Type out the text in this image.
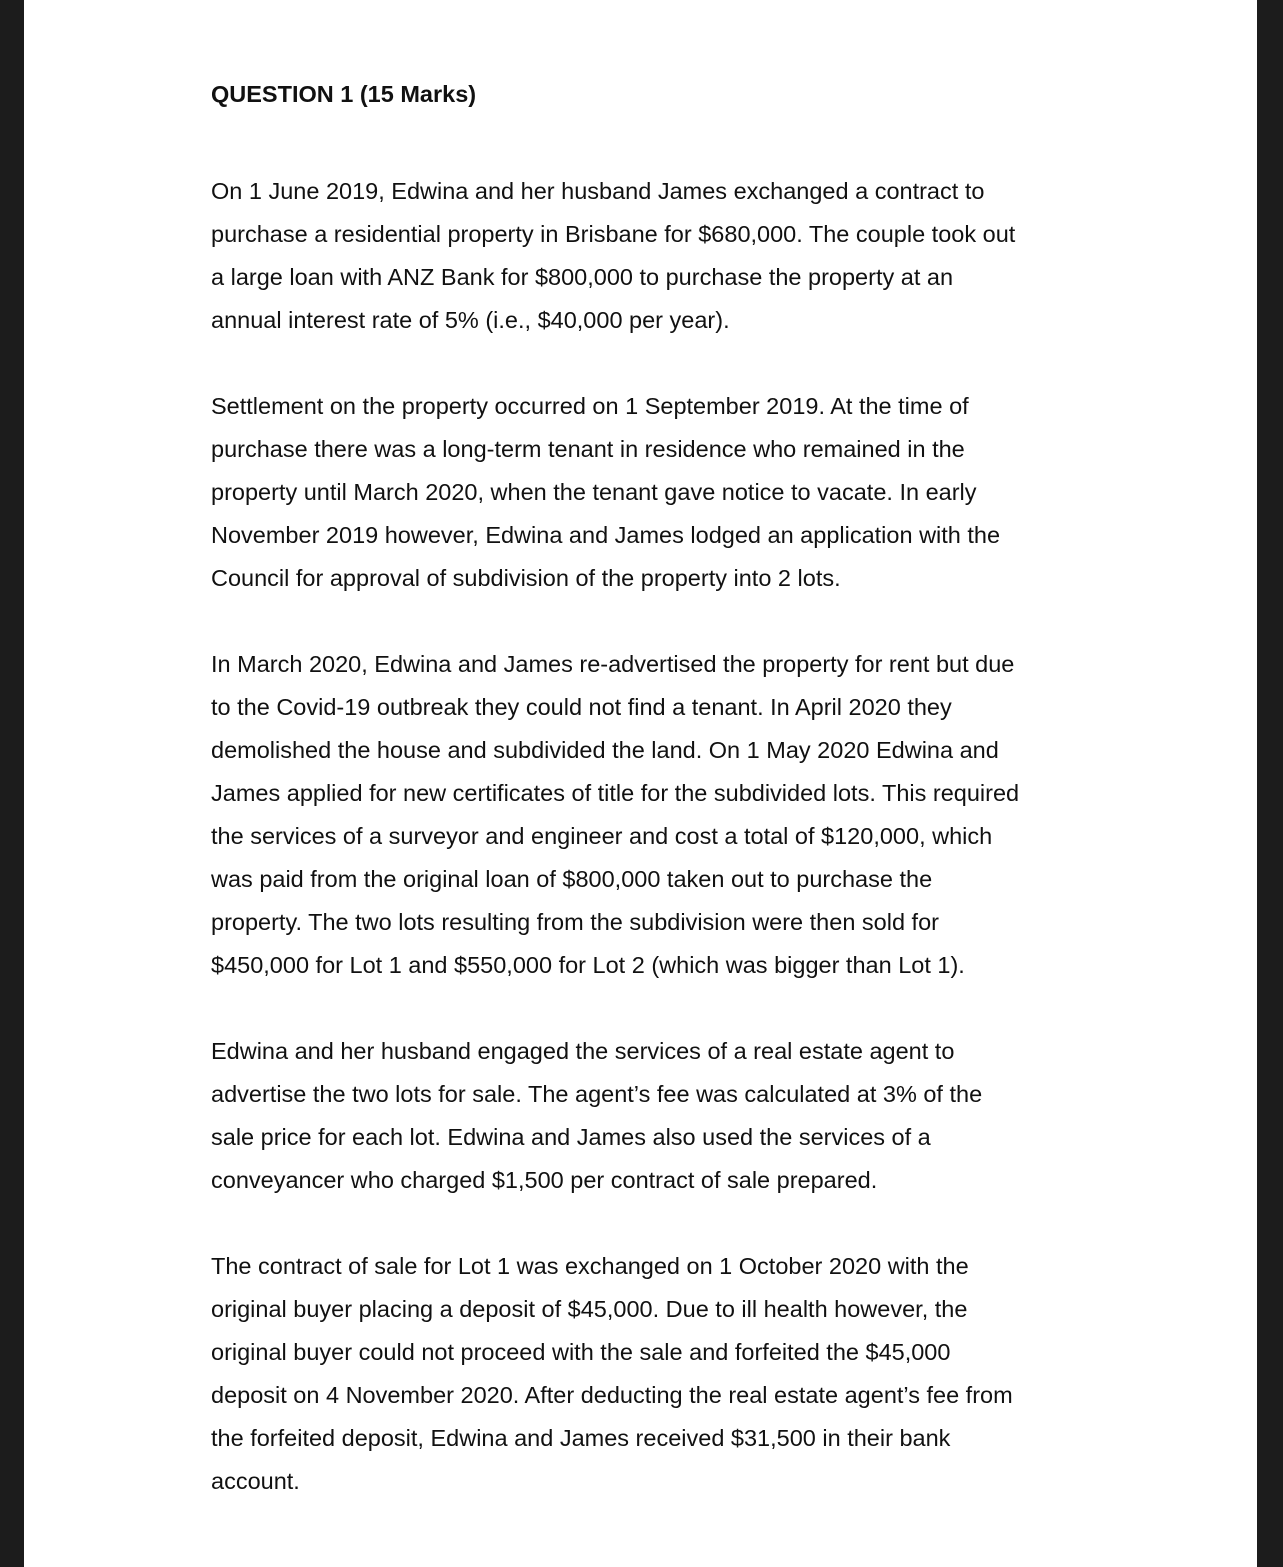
QUESTION 1 (15 Marks)

On 1 June 2019, Edwina and her husband James exchanged a contract to
purchase a residential property in Brisbane for $680,000. The couple took out
a large loan with ANZ Bank for $800,000 to purchase the property at an
annual interest rate of 5% (i.e., $40,000 per year).

Settlement on the property occurred on 1 September 2019. At the time of
purchase there was a long-term tenant in residence who remained in the
property until March 2020, when the tenant gave notice to vacate. In early
November 2019 however, Edwina and James lodged an application with the
Council for approval of subdivision of the property into 2 lots.

In March 2020, Edwina and James re-advertised the property for rent but due
to the Covid-19 outbreak they could not find a tenant. In April 2020 they
demolished the house and subdivided the land. On 1 May 2020 Edwina and
James applied for new certificates of title for the subdivided lots. This required
the services of a surveyor and engineer and cost a total of $120,000, which
was paid from the original loan of $800,000 taken out to purchase the
property. The two lots resulting from the subdivision were then sold for
$450,000 for Lot 1 and $550,000 for Lot 2 (which was bigger than Lot 1).

Edwina and her husband engaged the services of a real estate agent to
advertise the two lots for sale. The agent’s fee was calculated at 3% of the
sale price for each lot. Edwina and James also used the services of a
conveyancer who charged $1,500 per contract of sale prepared.

The contract of sale for Lot 1 was exchanged on 1 October 2020 with the
original buyer placing a deposit of $45,000. Due to ill health however, the
original buyer could not proceed with the sale and forfeited the $45,000
deposit on 4 November 2020. After deducting the real estate agent’s fee from
the forfeited deposit, Edwina and James received $31,500 in their bank
account.
